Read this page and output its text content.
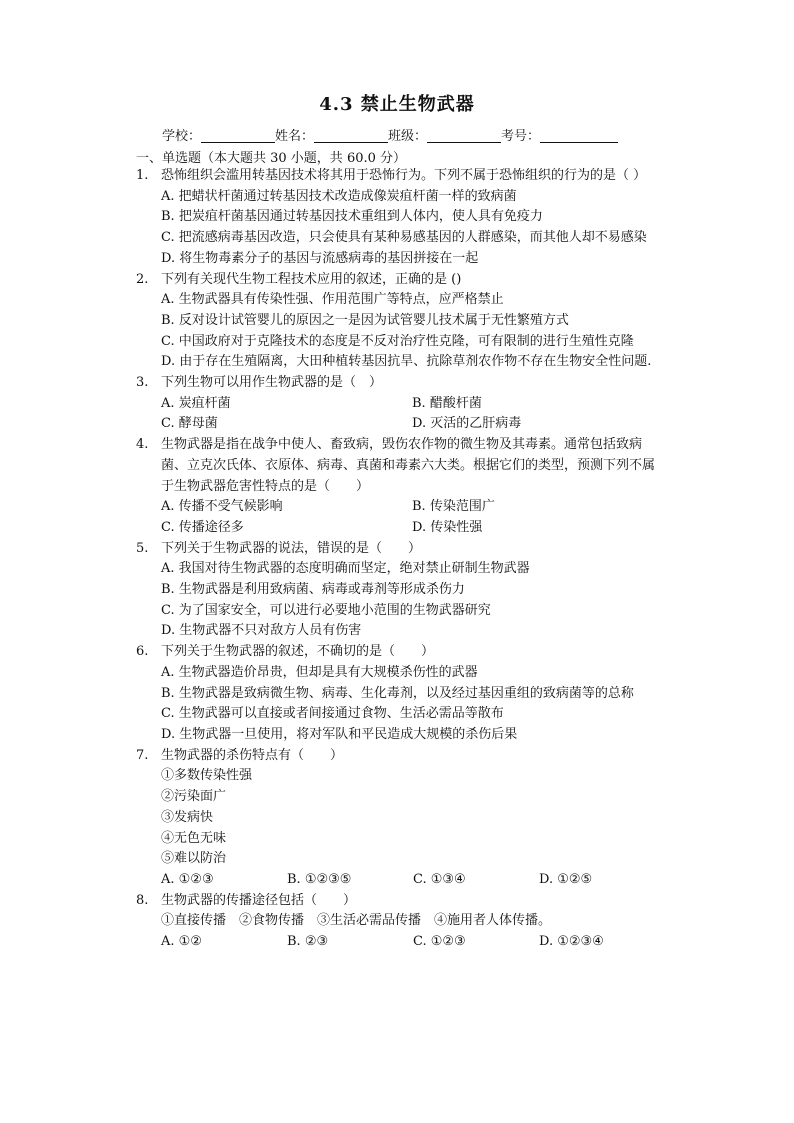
4.3 禁止生物武器
学校：	姓名：	班级：	考号：
一、单选题（本大题共 30 小题，共 60.0 分）
1. 恐怖组织会滥用转基因技术将其用于恐怖行为。下列不属于恐怖组织的行为的是（ ）
A. 把蜡状杆菌通过转基因技术改造成像炭疽杆菌一样的致病菌
B. 把炭疽杆菌基因通过转基因技术重组到人体内，使人具有免疫力
C. 把流感病毒基因改造，只会使具有某种易感基因的人群感染，而其他人却不易感染
D. 将生物毒素分子的基因与流感病毒的基因拼接在一起
2. 下列有关现代生物工程技术应用的叙述，正确的是 ()
A. 生物武器具有传染性强、作用范围广等特点，应严格禁止
B. 反对设计试管婴儿的原因之一是因为试管婴儿技术属于无性繁殖方式
C. 中国政府对于克隆技术的态度是不反对治疗性克隆，可有限制的进行生殖性克隆
D. 由于存在生殖隔离，大田种植转基因抗旱、抗除草剂农作物不存在生物安全性问题.
3. 下列生物可以用作生物武器的是（　）
A. 炭疽杆菌	B. 醋酸杆菌
C. 酵母菌	D. 灭活的乙肝病毒
4. 生物武器是指在战争中使人、畜致病，毁伤农作物的微生物及其毒素。通常包括致病菌、立克次氏体、衣原体、病毒、真菌和毒素六大类。根据它们的类型，预测下列不属于生物武器危害性特点的是（　　）
A. 传播不受气候影响	B. 传染范围广
C. 传播途径多	D. 传染性强
5. 下列关于生物武器的说法，错误的是（　　）
A. 我国对待生物武器的态度明确而坚定，绝对禁止研制生物武器
B. 生物武器是利用致病菌、病毒或毒剂等形成杀伤力
C. 为了国家安全，可以进行必要地小范围的生物武器研究
D. 生物武器不只对敌方人员有伤害
6. 下列关于生物武器的叙述，不确切的是（　　）
A. 生物武器造价昂贵，但却是具有大规模杀伤性的武器
B. 生物武器是致病微生物、病毒、生化毒剂，以及经过基因重组的致病菌等的总称
C. 生物武器可以直接或者间接通过食物、生活必需品等散布
D. 生物武器一旦使用，将对军队和平民造成大规模的杀伤后果
7. 生物武器的杀伤特点有（　　）
①多数传染性强
②污染面广
③发病快
④无色无味
⑤难以防治
A. ①②③	B. ①②③⑤	C. ①③④	D. ①②⑤
8. 生物武器的传播途径包括（　　）
①直接传播　②食物传播　③生活必需品传播　④施用者人体传播。
A. ①②	B. ②③	C. ①②③	D. ①②③④
